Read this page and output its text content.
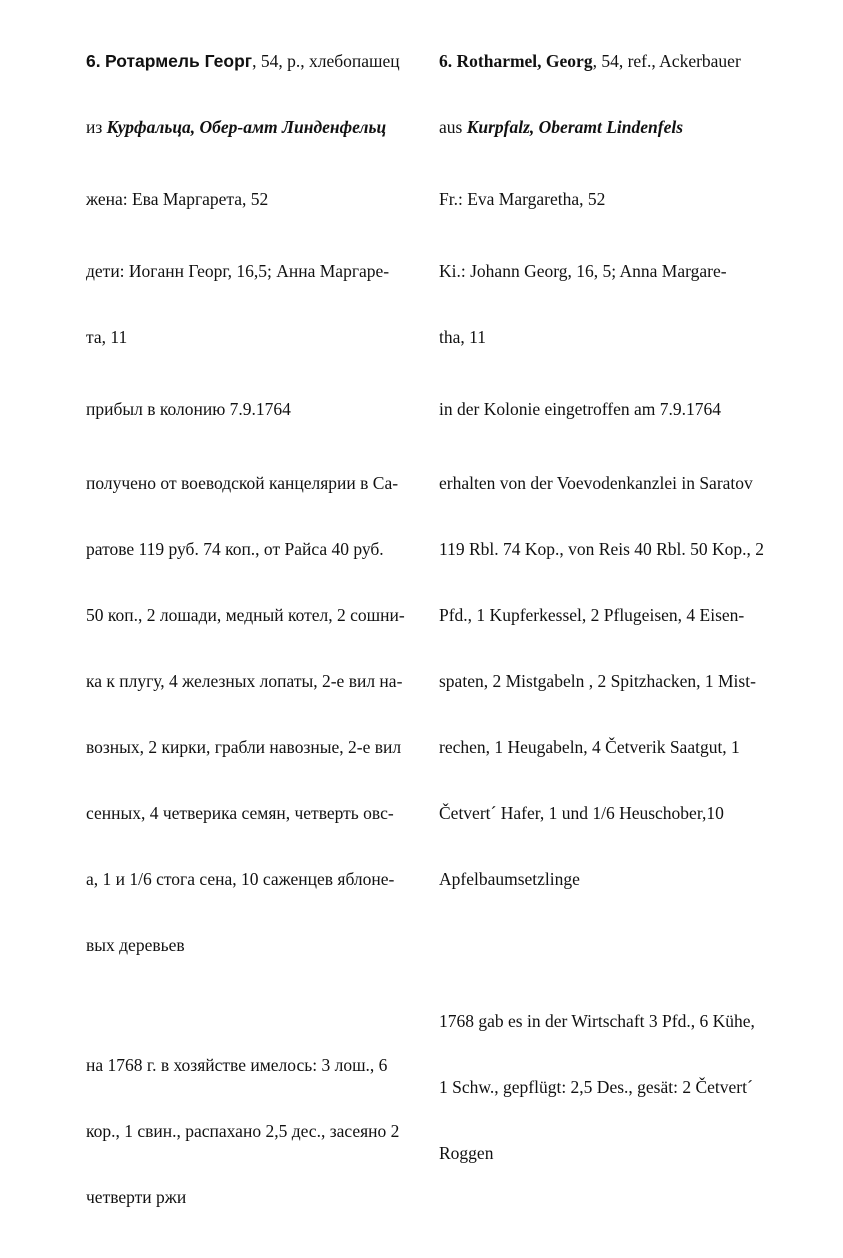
6. Ротармель Георг, 54, р., хлебопашец

из Курфальца, Обер-амт Линденфельц

жена: Ева Маргарета, 52

дети: Иоганн Георг, 16,5; Анна Маргаре-

та, 11

прибыл в колонию 7.9.1764

получено от воеводской канцелярии в Са-

ратове 119 руб. 74 коп., от Райса 40 руб.

50 коп., 2 лошади, медный котел, 2 сошни-

ка к плугу, 4 железных лопаты, 2-е вил на-

возных, 2 кирки, грабли навозные, 2-е вил

сенных, 4 четверика семян, четверть овс-

а, 1 и 1/6 стога сена, 10 саженцев яблоне-

вых деревьев

на 1768 г. в хозяйстве имелось: 3 лош., 6

кор., 1 свин., распахано 2,5 дес., засеяно 2

четверти ржи

6. Rotharmel, Georg, 54, ref., Ackerbauer

aus Kurpfalz, Oberamt Lindenfels

Fr.: Eva Margaretha, 52

Ki.: Johann Georg, 16, 5; Anna Margare-

tha, 11

in der Kolonie eingetroffen am 7.9.1764

erhalten von der Voevodenkanzlei in Saratov

119 Rbl. 74 Kop., von Reis 40 Rbl. 50 Kop., 2

Pfd., 1 Kupferkessel, 2 Pflugeisen, 4 Eisen-

spaten, 2 Mistgabeln , 2 Spitzhacken, 1 Mist-

rechen, 1 Heugabeln, 4 Četverik Saatgut, 1

Četvert´ Hafer, 1 und 1/6 Heuschober,10

Apfelbaumsetzlinge

1768 gab es in der Wirtschaft 3 Pfd., 6 Kühe,

1 Schw., gepflügt: 2,5 Des., gesät: 2 Četvert´

Roggen
